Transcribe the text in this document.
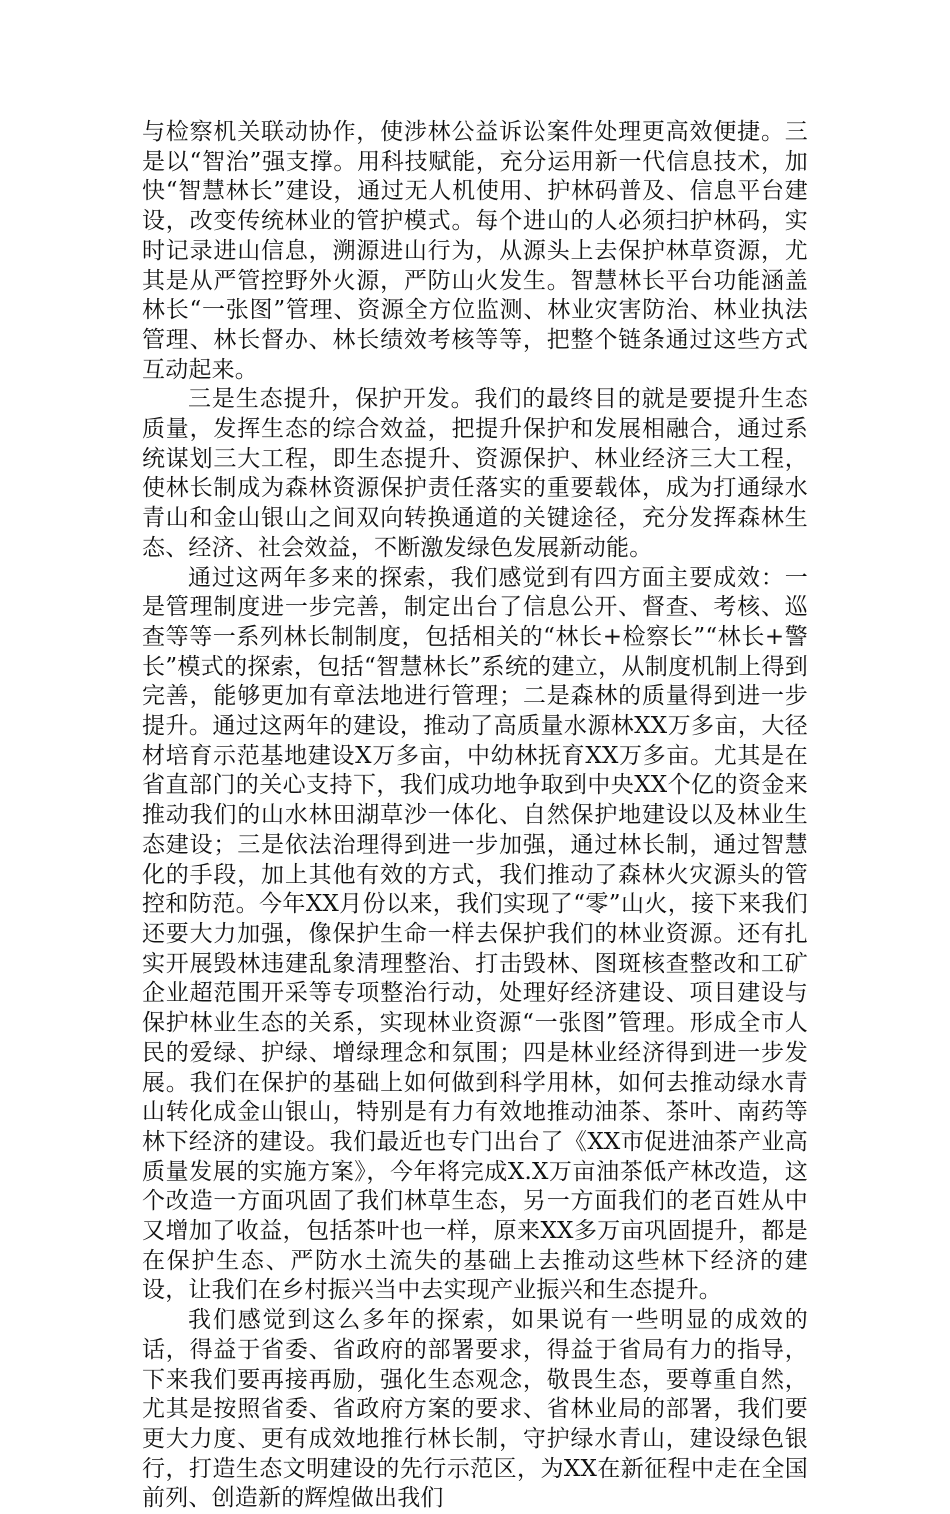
与检察机关联动协作，使涉林公益诉讼案件处理更高效便捷。三是以“智治”强支撑。用科技赋能，充分运用新一代信息技术，加快“智慧林长”建设，通过无人机使用、护林码普及、信息平台建设，改变传统林业的管护模式。每个进山的人必须扫护林码，实时记录进山信息，溯源进山行为，从源头上去保护林草资源，尤其是从严管控野外火源，严防山火发生。智慧林长平台功能涵盖林长“一张图”管理、资源全方位监测、林业灾害防治、林业执法管理、林长督办、林长绩效考核等等，把整个链条通过这些方式互动起来。

三是生态提升，保护开发。我们的最终目的就是要提升生态质量，发挥生态的综合效益，把提升保护和发展相融合，通过系统谋划三大工程，即生态提升、资源保护、林业经济三大工程，使林长制成为森林资源保护责任落实的重要载体，成为打通绿水青山和金山银山之间双向转换通道的关键途径，充分发挥森林生态、经济、社会效益，不断激发绿色发展新动能。

通过这两年多来的探索，我们感觉到有四方面主要成效：一是管理制度进一步完善，制定出台了信息公开、督查、考核、巡查等等一系列林长制制度，包括相关的“林长+检察长”“林长+警长”模式的探索，包括“智慧林长”系统的建立，从制度机制上得到完善，能够更加有章法地进行管理；二是森林的质量得到进一步提升。通过这两年的建设，推动了高质量水源林XX万多亩，大径材培育示范基地建设X万多亩，中幼林抚育XX万多亩。尤其是在省直部门的关心支持下，我们成功地争取到中央XX个亿的资金来推动我们的山水林田湖草沙一体化、自然保护地建设以及林业生态建设；三是依法治理得到进一步加强，通过林长制，通过智慧化的手段，加上其他有效的方式，我们推动了森林火灾源头的管控和防范。今年XX月份以来，我们实现了“零”山火，接下来我们还要大力加强，像保护生命一样去保护我们的林业资源。还有扎实开展毁林违建乱象清理整治、打击毁林、图斑核查整改和工矿企业超范围开采等专项整治行动，处理好经济建设、项目建设与保护林业生态的关系，实现林业资源“一张图”管理。形成全市人民的爱绿、护绿、增绿理念和氛围；四是林业经济得到进一步发展。我们在保护的基础上如何做到科学用林，如何去推动绿水青山转化成金山银山，特别是有力有效地推动油茶、茶叶、南药等林下经济的建设。我们最近也专门出台了《XX市促进油茶产业高质量发展的实施方案》，今年将完成X.X万亩油茶低产林改造，这个改造一方面巩固了我们林草生态，另一方面我们的老百姓从中又增加了收益，包括茶叶也一样，原来XX多万亩巩固提升，都是在保护生态、严防水土流失的基础上去推动这些林下经济的建设，让我们在乡村振兴当中去实现产业振兴和生态提升。

我们感觉到这么多年的探索，如果说有一些明显的成效的话，得益于省委、省政府的部署要求，得益于省局有力的指导，下来我们要再接再励，强化生态观念，敬畏生态，要尊重自然，尤其是按照省委、省政府方案的要求、省林业局的部署，我们要更大力度、更有成效地推行林长制，守护绿水青山，建设绿色银行，打造生态文明建设的先行示范区，为XX在新征程中走在全国前列、创造新的辉煌做出我们
